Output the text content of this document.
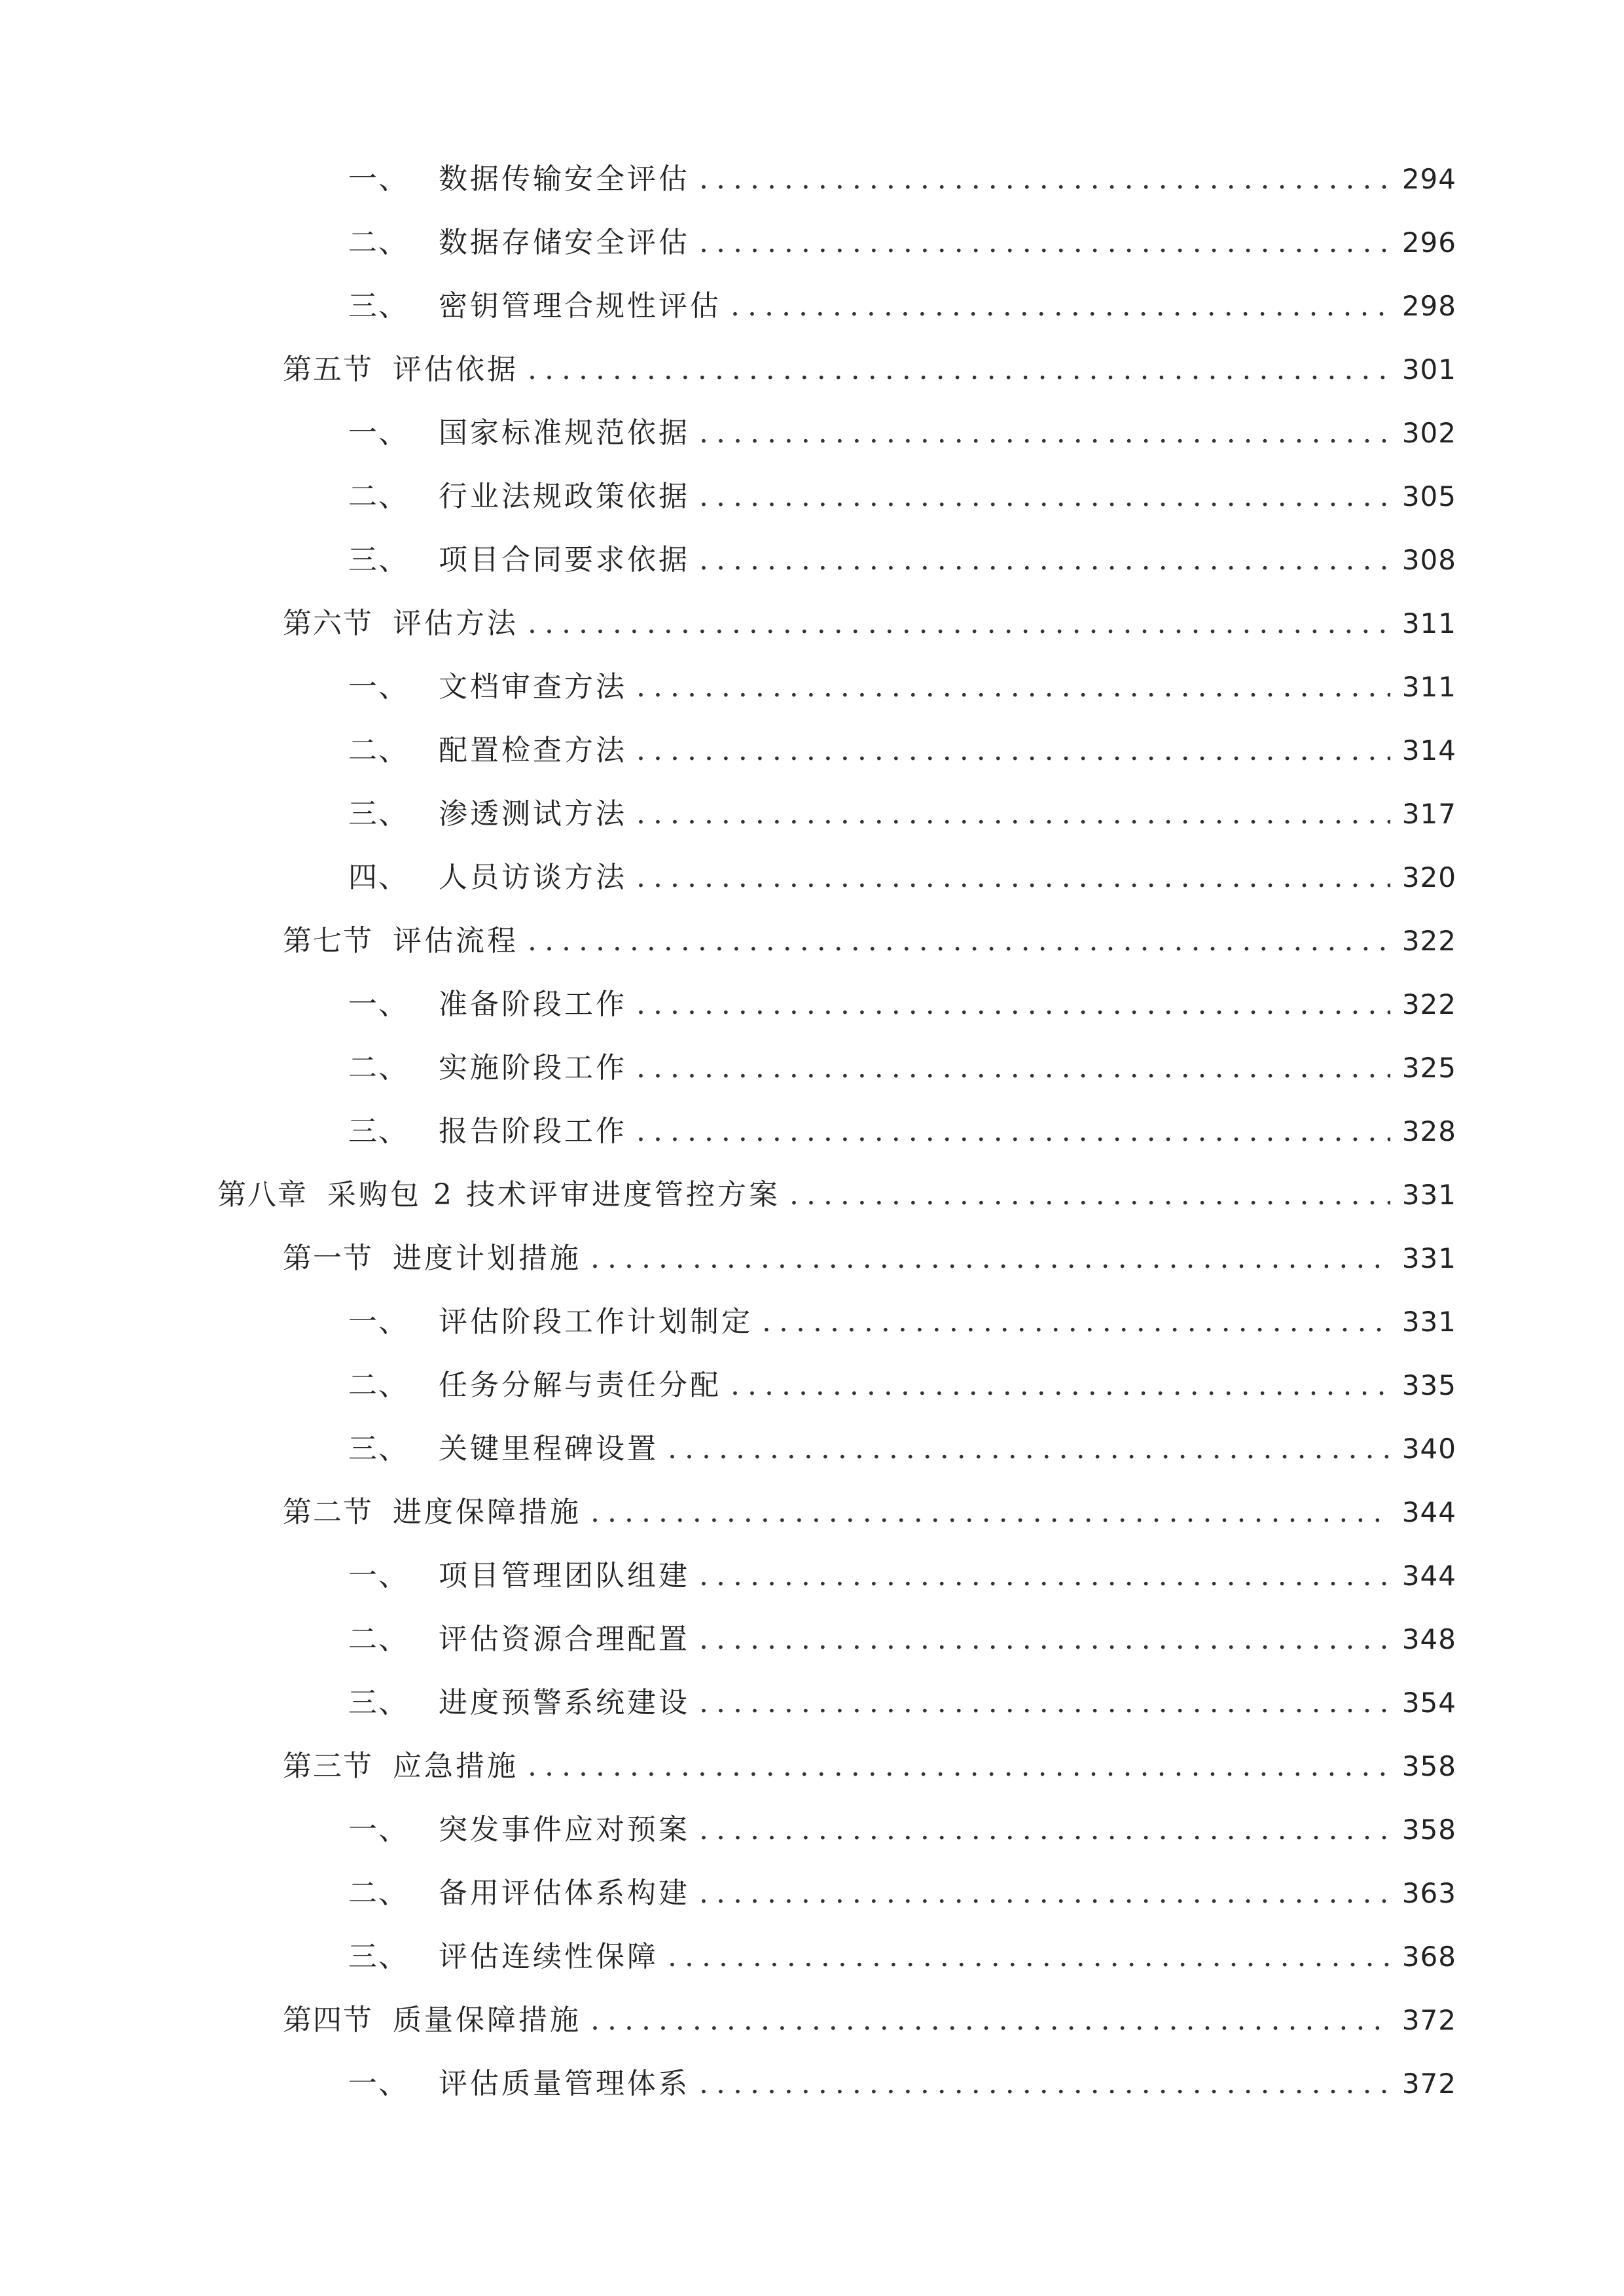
一、	数据传输安全评估 .....	294
二、	数据存储安全评估 .....	296
三、	密钥管理合规性评估 .....	298
第五节 评估依据 .....	301
一、	国家标准规范依据 .....	302
二、	行业法规政策依据 .....	305
三、	项目合同要求依据 .....	308
第六节 评估方法 .....	311
一、	文档审查方法 .....	311
二、	配置检查方法 .....	314
三、	渗透测试方法 .....	317
四、	人员访谈方法 .....	320
第七节 评估流程 .....	322
一、	准备阶段工作 .....	322
二、	实施阶段工作 .....	325
三、	报告阶段工作 .....	328
第八章 采购包 2 技术评审进度管控方案 .....	331
第一节 进度计划措施 .....	331
一、	评估阶段工作计划制定 .....	331
二、	任务分解与责任分配 .....	335
三、	关键里程碑设置 .....	340
第二节 进度保障措施 .....	344
一、	项目管理团队组建 .....	344
二、	评估资源合理配置 .....	348
三、	进度预警系统建设 .....	354
第三节 应急措施 .....	358
一、	突发事件应对预案 .....	358
二、	备用评估体系构建 .....	363
三、	评估连续性保障 .....	368
第四节 质量保障措施 .....	372
一、	评估质量管理体系 .....	372
